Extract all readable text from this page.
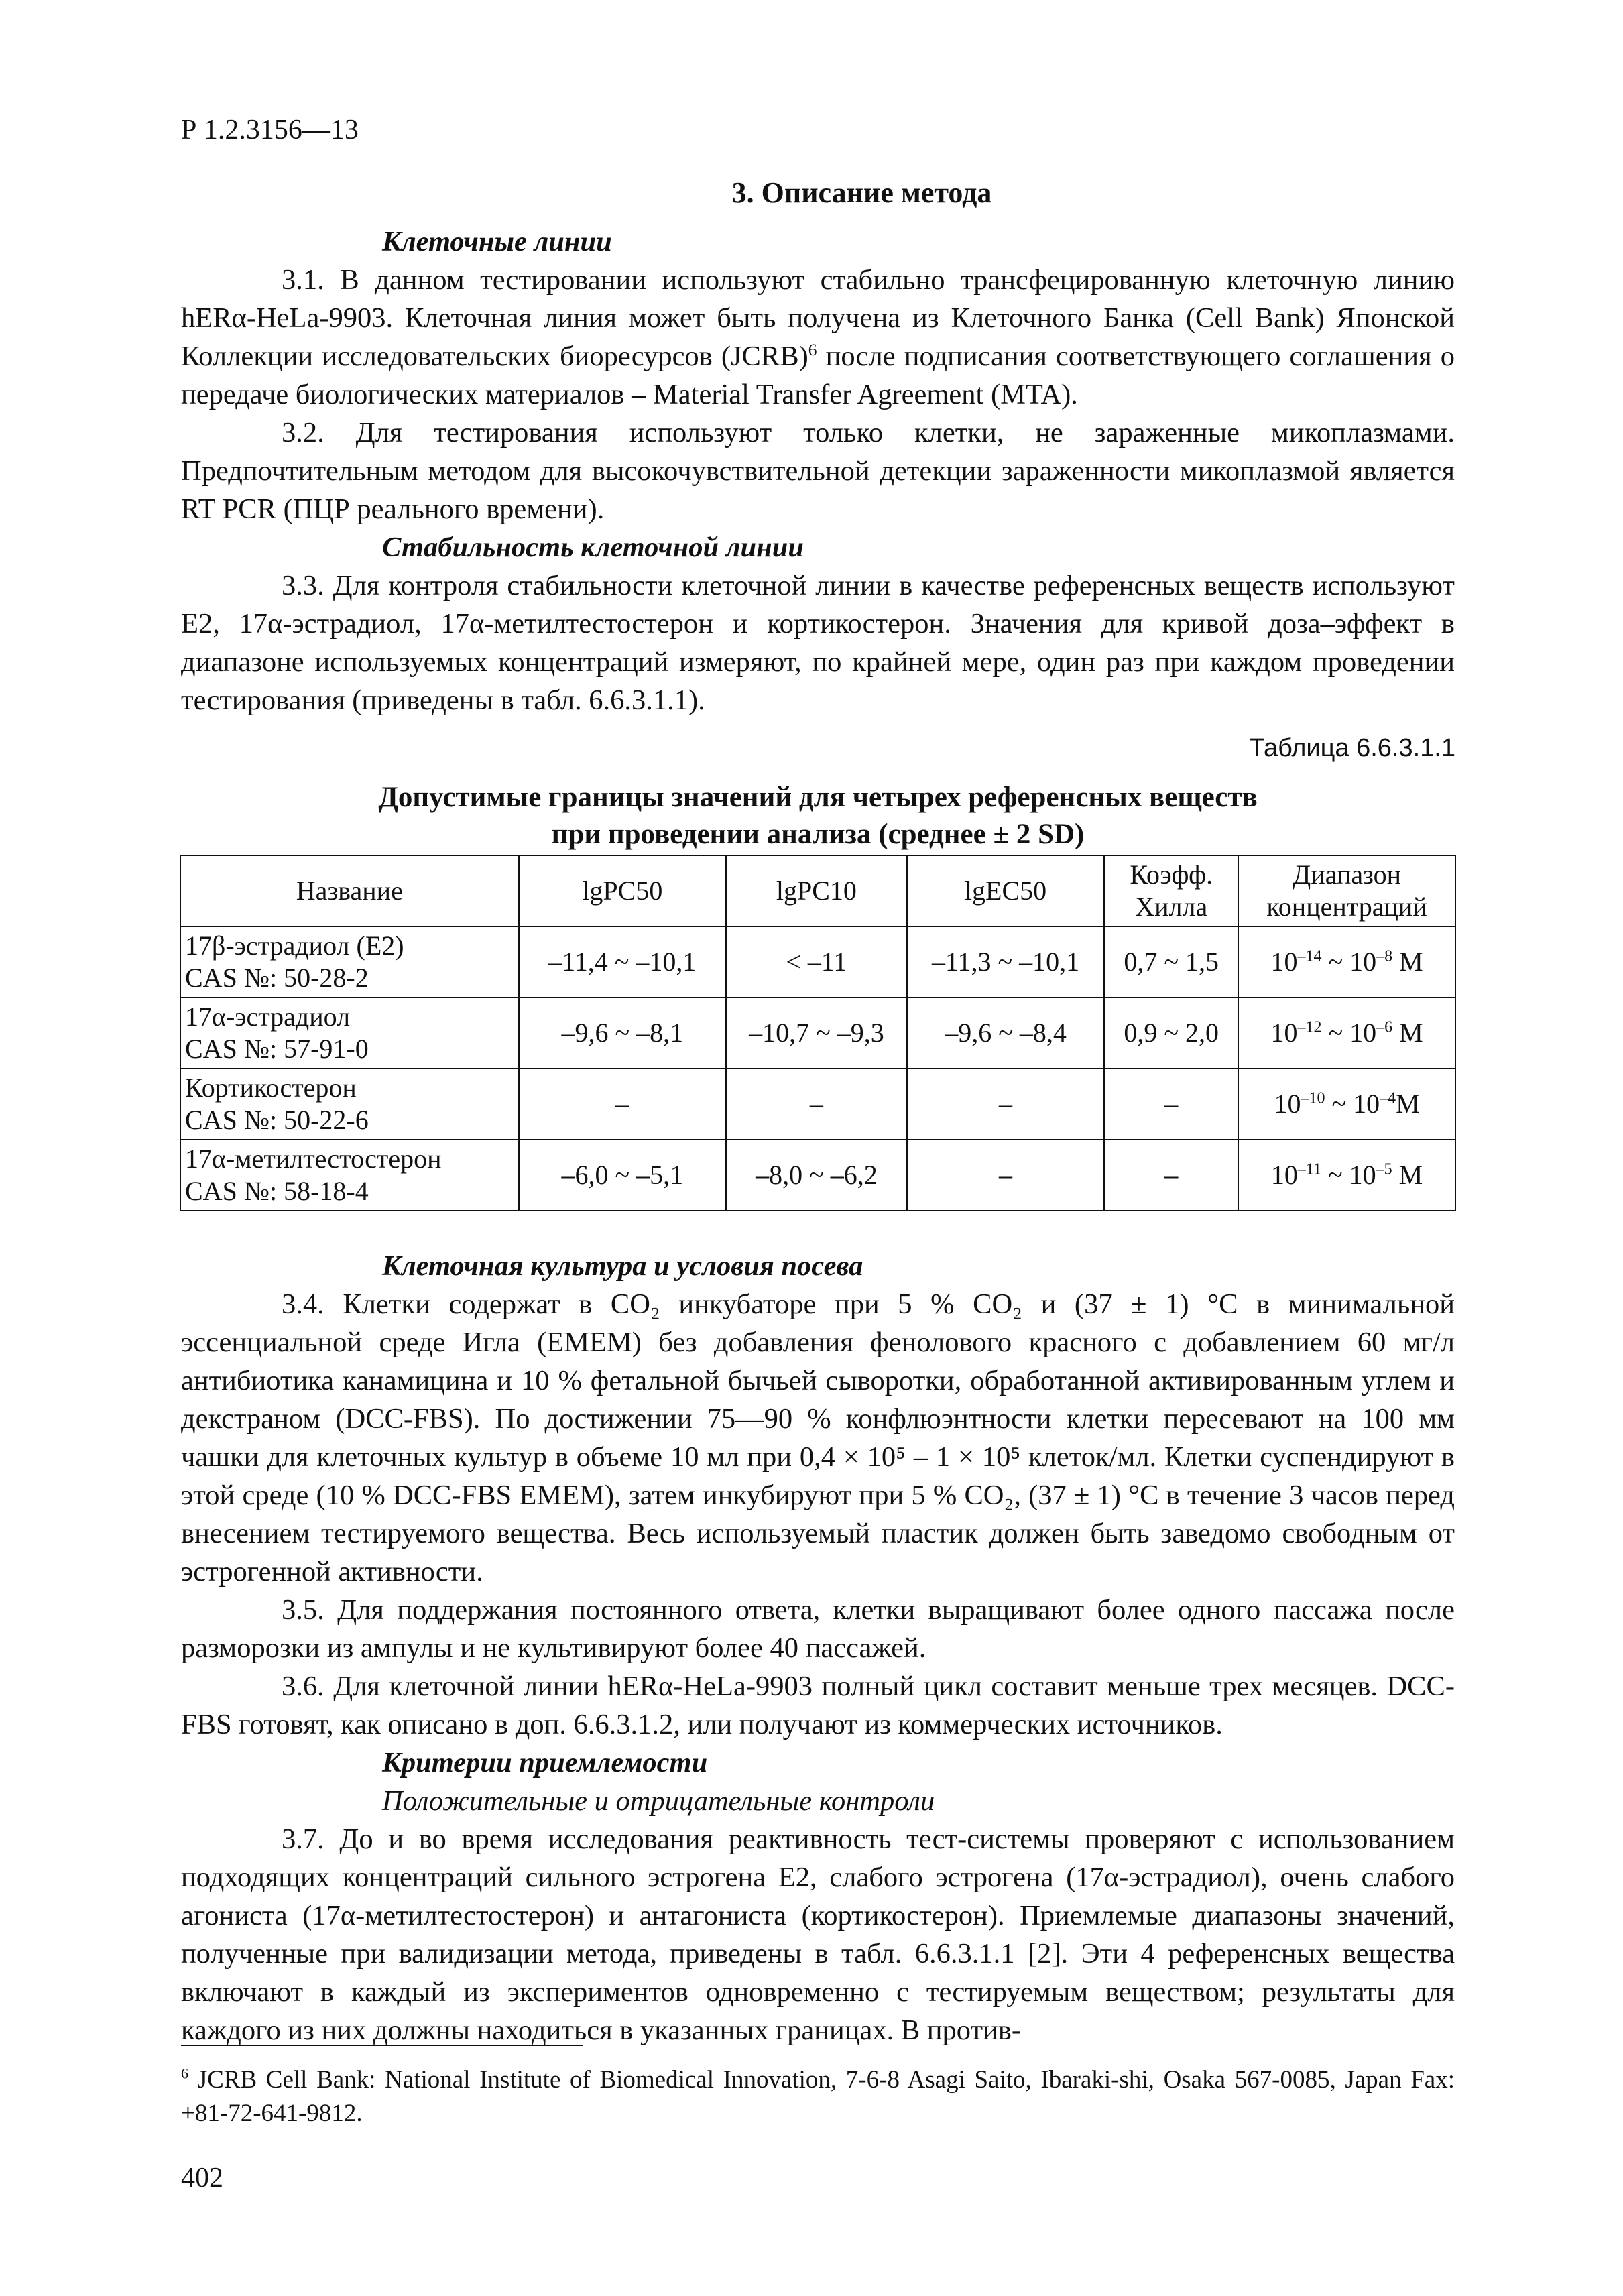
Р 1.2.3156—13
3. Описание метода

Клеточные линии

3.1. В данном тестировании используют стабильно трансфецированную клеточную линию hERα-HeLa-9903. Клеточная линия может быть получена из Клеточного Банка (Cell Bank) Японской Коллекции исследовательских биоресурсов (JCRB)$^6$ после подписания соответствующего соглашения о передаче биологических материалов – Material Transfer Agreement (MTA).

3.2. Для тестирования используют только клетки, не зараженные микоплазмами. Предпочтительным методом для высокочувствительной детекции зараженности микоплазмой является RT PCR (ПЦР реального времени).

Стабильность клеточной линии

3.3. Для контроля стабильности клеточной линии в качестве референсных веществ используют E2, 17α-эстрадиол, 17α-метилтестостерон и кортикостерон. Значения для кривой доза–эффект в диапазоне используемых концентраций измеряют, по крайней мере, один раз при каждом проведении тестирования (приведены в табл. 6.6.3.1.1).

Таблица 6.6.3.1.1
Допустимые границы значений для четырех референсных веществ
при проведении анализа (среднее ± 2 SD)
Название	lgPC50	lgPC10	lgEC50	Коэфф. Хилла	Диапазон концентраций

17β-эстрадиол (E2)
CAS №: 50-28-2	–11,4 ~ –10,1	< –11	–11,3 ~ –10,1	0,7 ~ 1,5	$10^{-14}$ ~ $10^{-8}$ M

17α-эстрадиол
CAS №: 57-91-0	–9,6 ~ –8,1	–10,7 ~ –9,3	–9,6 ~ –8,4	0,9 ~ 2,0	$10^{-12}$ ~ $10^{-6}$ M

Кортикостерон
CAS №: 50-22-6	–	–	–	–	$10^{-10}$ ~ $10^{-4}M$

17α-метилтестостерон
CAS №: 58-18-4	–6,0 ~ –5,1	–8,0 ~ –6,2	–	–	$10^{-11}$ ~ $10^{-5}$ M

Клеточная культура и условия посева

3.4. Клетки содержат в CO₂ инкубаторе при 5 % CO₂ и (37 ± 1) °С в минимальной эссенциальной среде Игла (EMEM) без добавления фенолового красного с добавлением 60 мг/л антибиотика канамицина и 10 % фетальной бычьей сыворотки, обработанной активированным углем и декстраном (DCC-FBS). По достижении 75—90 % конфлюэнтности клетки пересевают на 100 мм чашки для клеточных культур в объеме 10 мл при 0,4 × 10⁵ – 1 × 10⁵ клеток/мл. Клетки суспендируют в этой среде (10 % DCC-FBS EMEM), затем инкубируют при 5 % CO₂, (37 ± 1) °С в течение 3 часов перед внесением тестируемого вещества. Весь используемый пластик должен быть заведомо свободным от эстрогенной активности.

3.5. Для поддержания постоянного ответа, клетки выращивают более одного пассажа после разморозки из ампулы и не культивируют более 40 пассажей.

3.6. Для клеточной линии hERα-HeLa-9903 полный цикл составит меньше трех месяцев. DCC-FBS готовят, как описано в доп. 6.6.3.1.2, или получают из коммерческих источников.

Критерии приемлемости

Положительные и отрицательные контроли

3.7. До и во время исследования реактивность тест-системы проверяют с использованием подходящих концентраций сильного эстрогена E2, слабого эстрогена (17α-эстрадиол), очень слабого агониста (17α-метилтестостерон) и антагониста (кортикостерон). Приемлемые диапазоны значений, полученные при валидизации метода, приведены в табл. 6.6.3.1.1 [2]. Эти 4 референсных вещества включают в каждый из экспериментов одновременно с тестируемым веществом; результаты для каждого из них должны находиться в указанных границах. В против-

$^6$ JCRB Cell Bank: National Institute of Biomedical Innovation, 7-6-8 Asagi Saito, Ibaraki-shi, Osaka 567-0085, Japan Fax: +81-72-641-9812.
402
